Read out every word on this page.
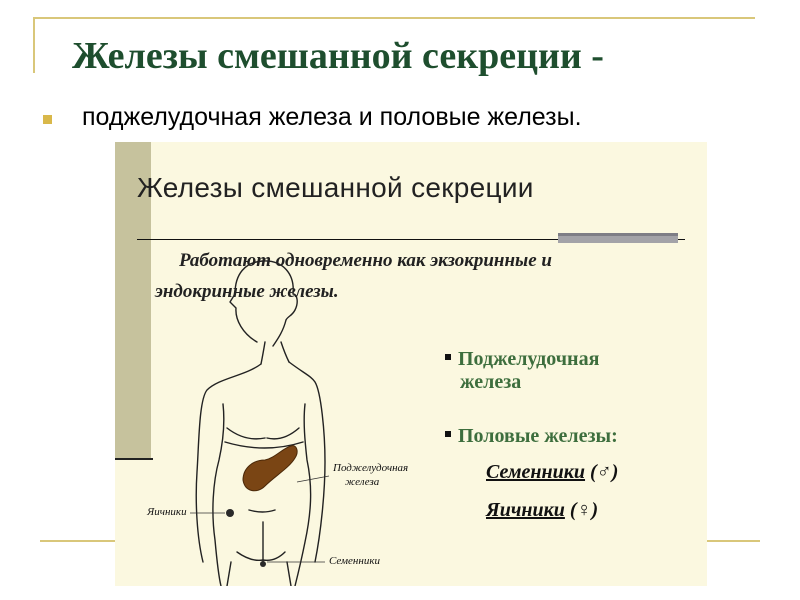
Железы смешанной секреции -
поджелудочная железа и половые железы.
Железы смешанной секреции
Работают одновременно как экзокринные и
эндокринные железы.
Поджелудочная
железа
Яичники
Семенники
Поджелудочная
железа
Половые железы:
Семенники (♂)
Яичники (♀)
